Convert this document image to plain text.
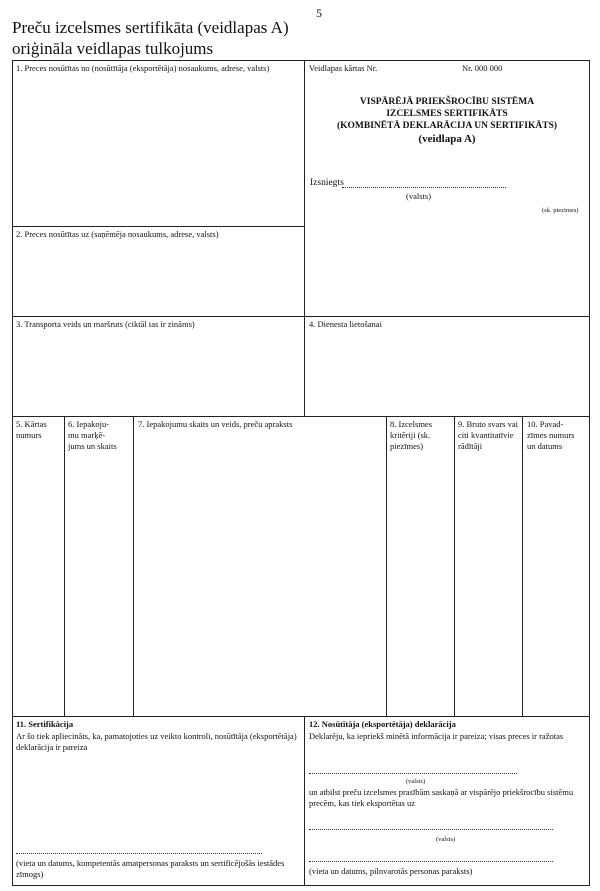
5
Preču izcelsmes sertifikāta (veidlapas A)
oriģināla veidlapas tulkojums
1. Preces nosūtītas no (nosūtītāja (eksportētāja) nosaukums, adrese, valsts)	Veidlapas kārtas Nr.	Nr. 000 000
VISPĀRĒJĀ PRIEKŠROCĪBU SISTĒMA
IZCELSMES SERTIFIKĀTS
(KOMBINĒTĀ DEKLARĀCIJA UN SERTIFIKĀTS)
(veidlapa A)
Izsniegts
(valsts)
(sk. piezīmes)
2. Preces nosūtītas uz (saņēmēja nosaukums, adrese, valsts)
3. Transporta veids un maršruts (ciktāl tas ir zināms)	4. Dienesta lietošanai
5. Kārtas numurs
6. Iepakoju-mu marķē-jums un skaits
7. Iepakojumu skaits un veids, preču apraksts	8. Izcelsmes kritēriji (sk. piezīmes)
9. Bruto svars vai citi kvantitatīvie rādītāji
10. Pavad-zīmes numurs un datums
11. Sertifikācija
Ar šo tiek apliecināts, ka, pamatojoties uz veikto kontroli, nosūtītāja (eksportētāja) deklarācija ir pareiza
(vieta un datums, kompetentās amatpersonas paraksts un sertificējošās iestādes zīmogs)
12. Nosūtītāja (eksportētāja) deklarācija
Deklarēju, ka iepriekš minētā informācija ir pareiza; visas preces ir ražotas
(valsts)
un atbilst preču izcelsmes prasībām saskaņā ar vispārējo priekšrocību sistēmu precēm, kas tiek eksportētas uz
(valsts)
(vieta un datums, pilnvarotās personas paraksts)
